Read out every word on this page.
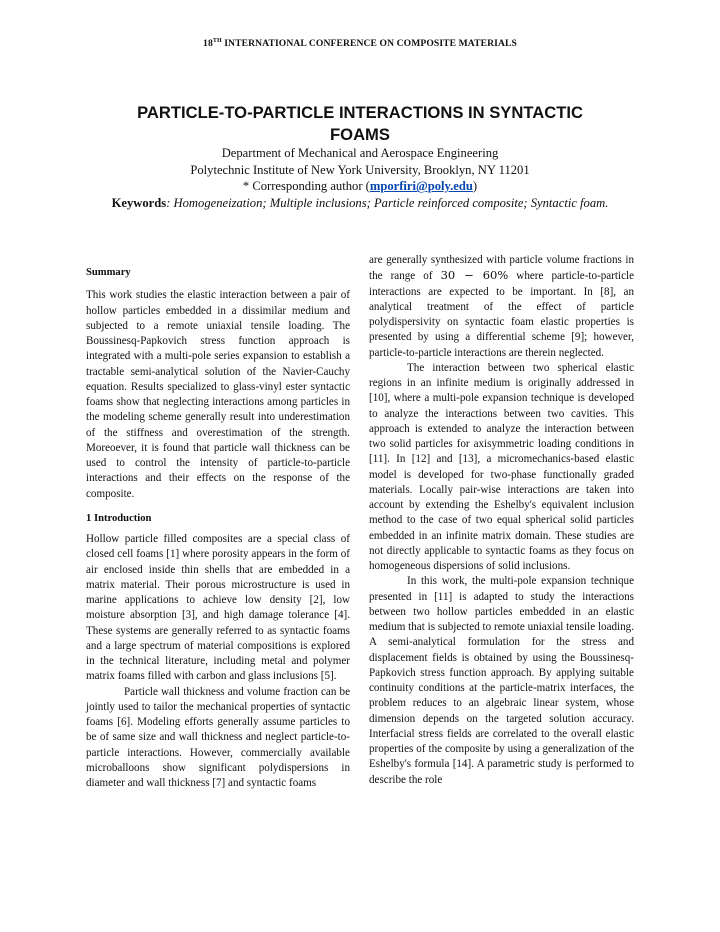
18TH INTERNATIONAL CONFERENCE ON COMPOSITE MATERIALS
PARTICLE-TO-PARTICLE INTERACTIONS IN SYNTACTIC FOAMS
Department of Mechanical and Aerospace Engineering
Polytechnic Institute of New York University, Brooklyn, NY 11201
* Corresponding author (mporfiri@poly.edu)
Keywords: Homogeneization; Multiple inclusions; Particle reinforced composite; Syntactic foam.

Summary

This work studies the elastic interaction between a pair of hollow particles embedded in a dissimilar medium and subjected to a remote uniaxial tensile loading. The Boussinesq-Papkovich stress function approach is integrated with a multi-pole series expansion to establish a tractable semi-analytical solution of the Navier-Cauchy equation. Results specialized to glass-vinyl ester syntactic foams show that neglecting interactions among particles in the modeling scheme generally result into underestimation of the stiffness and overestimation of the strength. Moreoever, it is found that particle wall thickness can be used to control the intensity of particle-to-particle interactions and their effects on the response of the composite.

1 Introduction

Hollow particle filled composites are a special class of closed cell foams [1] where porosity appears in the form of air enclosed inside thin shells that are embedded in a matrix material. Their porous microstructure is used in marine applications to achieve low density [2], low moisture absorption [3], and high damage tolerance [4]. These systems are generally referred to as syntactic foams and a large spectrum of material compositions is explored in the technical literature, including metal and polymer matrix foams filled with carbon and glass inclusions [5].

Particle wall thickness and volume fraction can be jointly used to tailor the mechanical properties of syntactic foams [6]. Modeling efforts generally assume particles to be of same size and wall thickness and neglect particle-to-particle interactions. However, commercially available microballoons show significant polydispersions in diameter and wall thickness [7] and syntactic foams

are generally synthesized with particle volume fractions in the range of 30 − 60% where particle-to-particle interactions are expected to be important. In [8], an analytical treatment of the effect of particle polydispersivity on syntactic foam elastic properties is presented by using a differential scheme [9]; however, particle-to-particle interactions are therein neglected.

The interaction between two spherical elastic regions in an infinite medium is originally addressed in [10], where a multi-pole expansion technique is developed to analyze the interactions between two cavities. This approach is extended to analyze the interaction between two solid particles for axisymmetric loading conditions in [11]. In [12] and [13], a micromechanics-based elastic model is developed for two-phase functionally graded materials. Locally pair-wise interactions are taken into account by extending the Eshelby's equivalent inclusion method to the case of two equal spherical solid particles embedded in an infinite matrix domain. These studies are not directly applicable to syntactic foams as they focus on homogeneous dispersions of solid inclusions.

In this work, the multi-pole expansion technique presented in [11] is adapted to study the interactions between two hollow particles embedded in an elastic medium that is subjected to remote uniaxial tensile loading. A semi-analytical formulation for the stress and displacement fields is obtained by using the Boussinesq-Papkovich stress function approach. By applying suitable continuity conditions at the particle-matrix interfaces, the problem reduces to an algebraic linear system, whose dimension depends on the targeted solution accuracy. Interfacial stress fields are correlated to the overall elastic properties of the composite by using a generalization of the Eshelby's formula [14]. A parametric study is performed to describe the role
